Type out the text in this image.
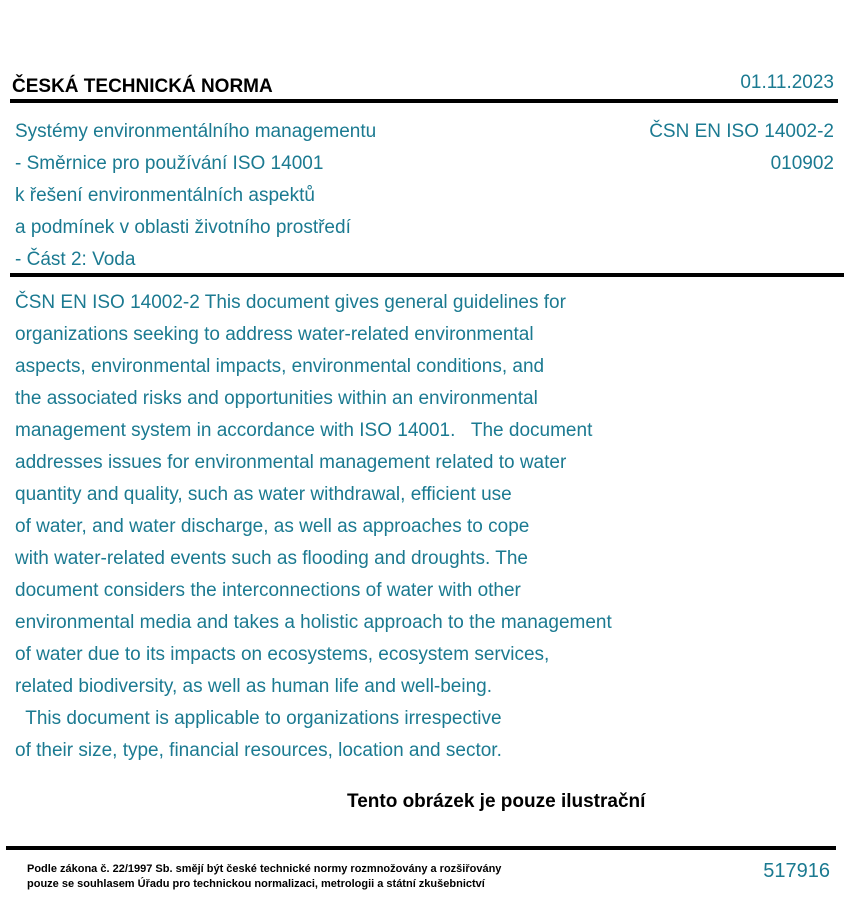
ČESKÁ TECHNICKÁ NORMA	01.11.2023
Systémy environmentálního managementu
- Směrnice pro používání ISO 14001
k řešení environmentálních aspektů
a podmínek v oblasti životního prostředí
- Část 2: Voda
ČSN EN ISO 14002-2
010902
ČSN EN ISO 14002-2 This document gives general guidelines for
organizations seeking to address water-related environmental
aspects, environmental impacts, environmental conditions, and
the associated risks and opportunities within an environmental
management system in accordance with ISO 14001.   The document
addresses issues for environmental management related to water
quantity and quality, such as water withdrawal, efficient use
of water, and water discharge, as well as approaches to cope
with water-related events such as flooding and droughts. The
document considers the interconnections of water with other
environmental media and takes a holistic approach to the management
of water due to its impacts on ecosystems, ecosystem services,
related biodiversity, as well as human life and well-being.
This document is applicable to organizations irrespective
of their size, type, financial resources, location and sector.
Tento obrázek je pouze ilustrační
Podle zákona č. 22/1997 Sb. smějí být české technické normy rozmnožovány a rozšiřovány
pouze se souhlasem Úřadu pro technickou normalizaci, metrologii a státní zkušebnictví
517916
